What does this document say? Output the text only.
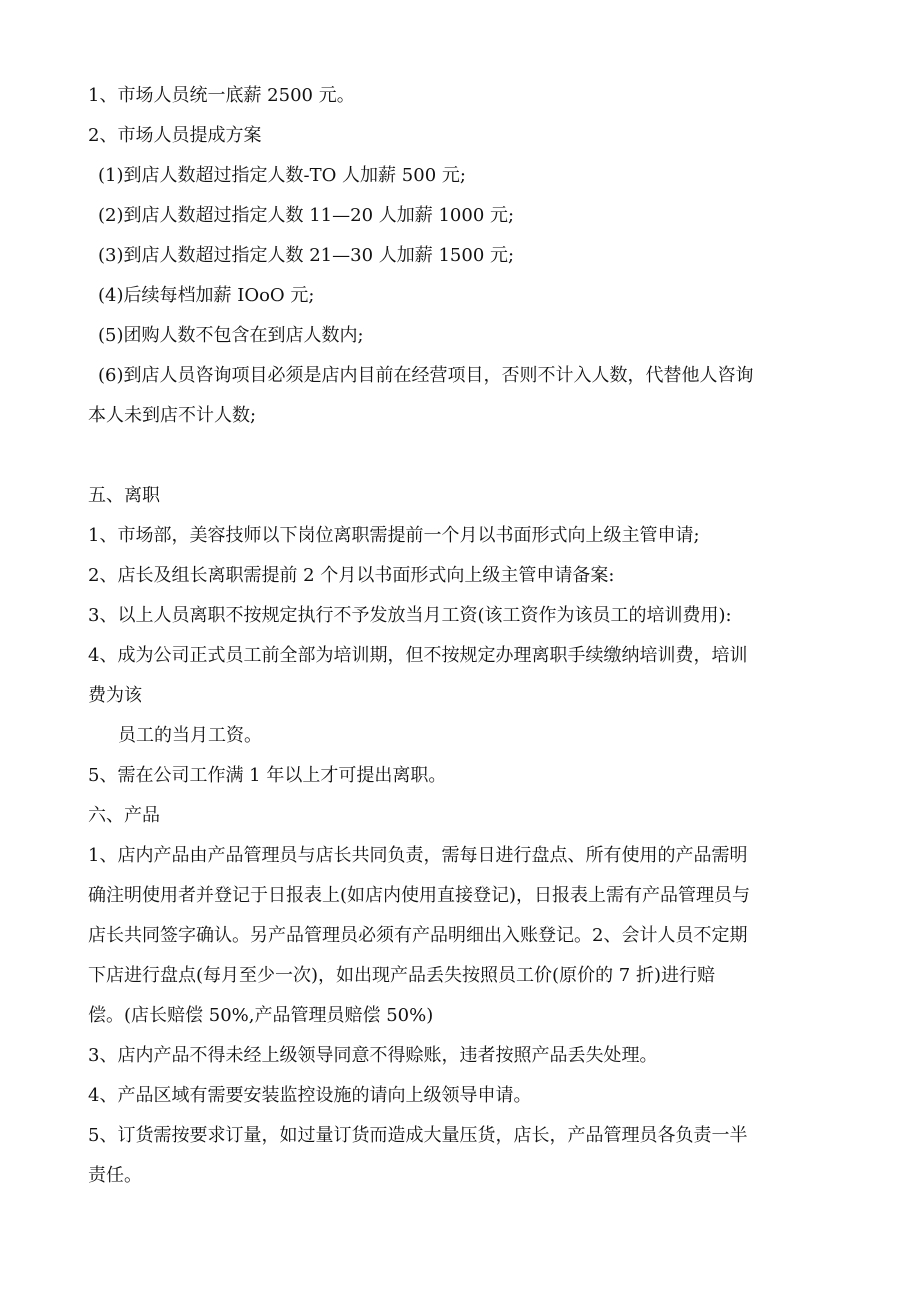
1、市场人员统一底薪 2500 元。

2、市场人员提成方案

(1)到店人数超过指定人数-TO 人加薪 500 元;

(2)到店人数超过指定人数 11—20 人加薪 1000 元;

(3)到店人数超过指定人数 21—30 人加薪 1500 元;

(4)后续每档加薪 IOoO 元;

(5)团购人数不包含在到店人数内;

(6)到店人员咨询项目必须是店内目前在经营项目，否则不计入人数，代替他人咨询

本人未到店不计人数;

五、离职

1、市场部，美容技师以下岗位离职需提前一个月以书面形式向上级主管申请;

2、店长及组长离职需提前 2 个月以书面形式向上级主管申请备案:

3、以上人员离职不按规定执行不予发放当月工资(该工资作为该员工的培训费用):

4、成为公司正式员工前全部为培训期，但不按规定办理离职手续缴纳培训费，培训

费为该

员工的当月工资。

5、需在公司工作满 1 年以上才可提出离职。

六、产品

1、店内产品由产品管理员与店长共同负责，需每日进行盘点、所有使用的产品需明

确注明使用者并登记于日报表上(如店内使用直接登记)，日报表上需有产品管理员与

店长共同签字确认。另产品管理员必须有产品明细出入账登记。2、会计人员不定期

下店进行盘点(每月至少一次)，如出现产品丢失按照员工价(原价的 7 折)进行赔

偿。(店长赔偿 50%,产品管理员赔偿 50%)

3、店内产品不得未经上级领导同意不得赊账，违者按照产品丢失处理。

4、产品区域有需要安装监控设施的请向上级领导申请。

5、订货需按要求订量，如过量订货而造成大量压货，店长，产品管理员各负责一半

责任。
